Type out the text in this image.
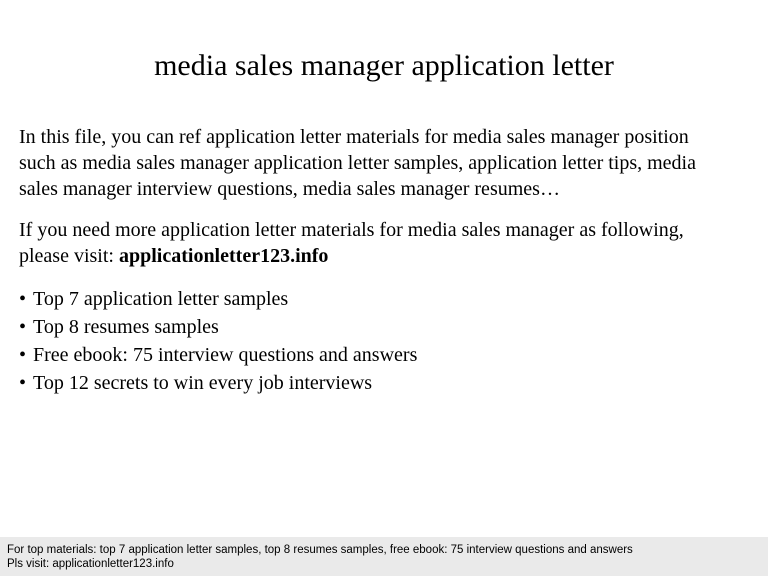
media sales manager application letter

In this file, you can ref application letter materials for media sales manager position
such as media sales manager application letter samples, application letter tips, media
sales manager interview questions, media sales manager resumes…

If you need more application letter materials for media sales manager as following,
please visit: applicationletter123.info

• Top 7 application letter samples
• Top 8 resumes samples
• Free ebook: 75 interview questions and answers
• Top 12 secrets to win every job interviews
For top materials: top 7 application letter samples, top 8 resumes samples, free ebook: 75 interview questions and answers
Pls visit: applicationletter123.info
